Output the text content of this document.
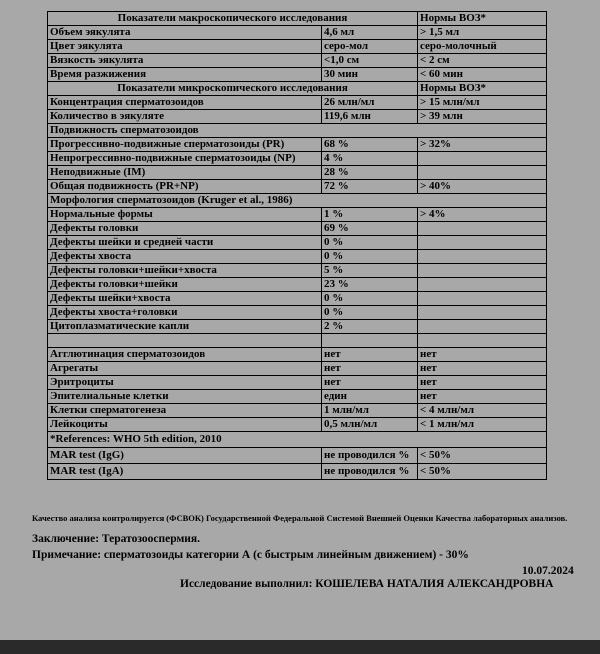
Показатели макроскопического исследования		Нормы ВОЗ*
Объем эякулята	4,6 мл	> 1,5 мл
Цвет эякулята	серо-мол	серо-молочный
Вязкость эякулята	<1,0 см	< 2 см
Время разжижения	30 мин	< 60 мин
Показатели микроскопического исследования		Нормы ВОЗ*
Концентрация сперматозоидов	26 млн/мл	> 15 млн/мл
Количество в эякуляте	119,6 млн	> 39 млн
Подвижность сперматозоидов		
Прогрессивно-подвижные сперматозоиды (PR)	68 %	> 32%
Непрогрессивно-подвижные сперматозоиды (NP)	4 %	
Неподвижные (IM)	28 %	
Общая подвижность (PR+NP)	72 %	> 40%
Морфология сперматозоидов (Kruger et al., 1986)		
Нормальные формы	1 %	> 4%
Дефекты головки	69 %	
Дефекты шейки и средней части	0 %	
Дефекты хвоста	0 %	
Дефекты головки+шейки+хвоста	5 %	
Дефекты головки+шейки	23 %	
Дефекты шейки+хвоста	0 %	
Дефекты хвоста+головки	0 %	
Цитоплазматические капли	2 %	

Агглютинация сперматозоидов	нет	нет
Агрегаты	нет	нет
Эритроциты	нет	нет
Эпителиальные клетки	един	нет
Клетки сперматогенеза	1 млн/мл	< 4 млн/мл
Лейкоциты	0,5 млн/мл	< 1 млн/мл
*References: WHO 5th edition, 2010		
MAR test (IgG)	не проводился %	< 50%
MAR test (IgA)	не проводился %	< 50%
Качество анализа контролируется (ФСВОК) Государственной Федеральной Системой Внешней Оценки Качества лабораторных анализов.
Заключение: Тератозооспермия.
Примечание: сперматозоиды категории А (с быстрым линейным движением) - 30%
10.07.2024
Исследование выполнил: КОШЕЛЕВА НАТАЛИЯ АЛЕКСАНДРОВНА
